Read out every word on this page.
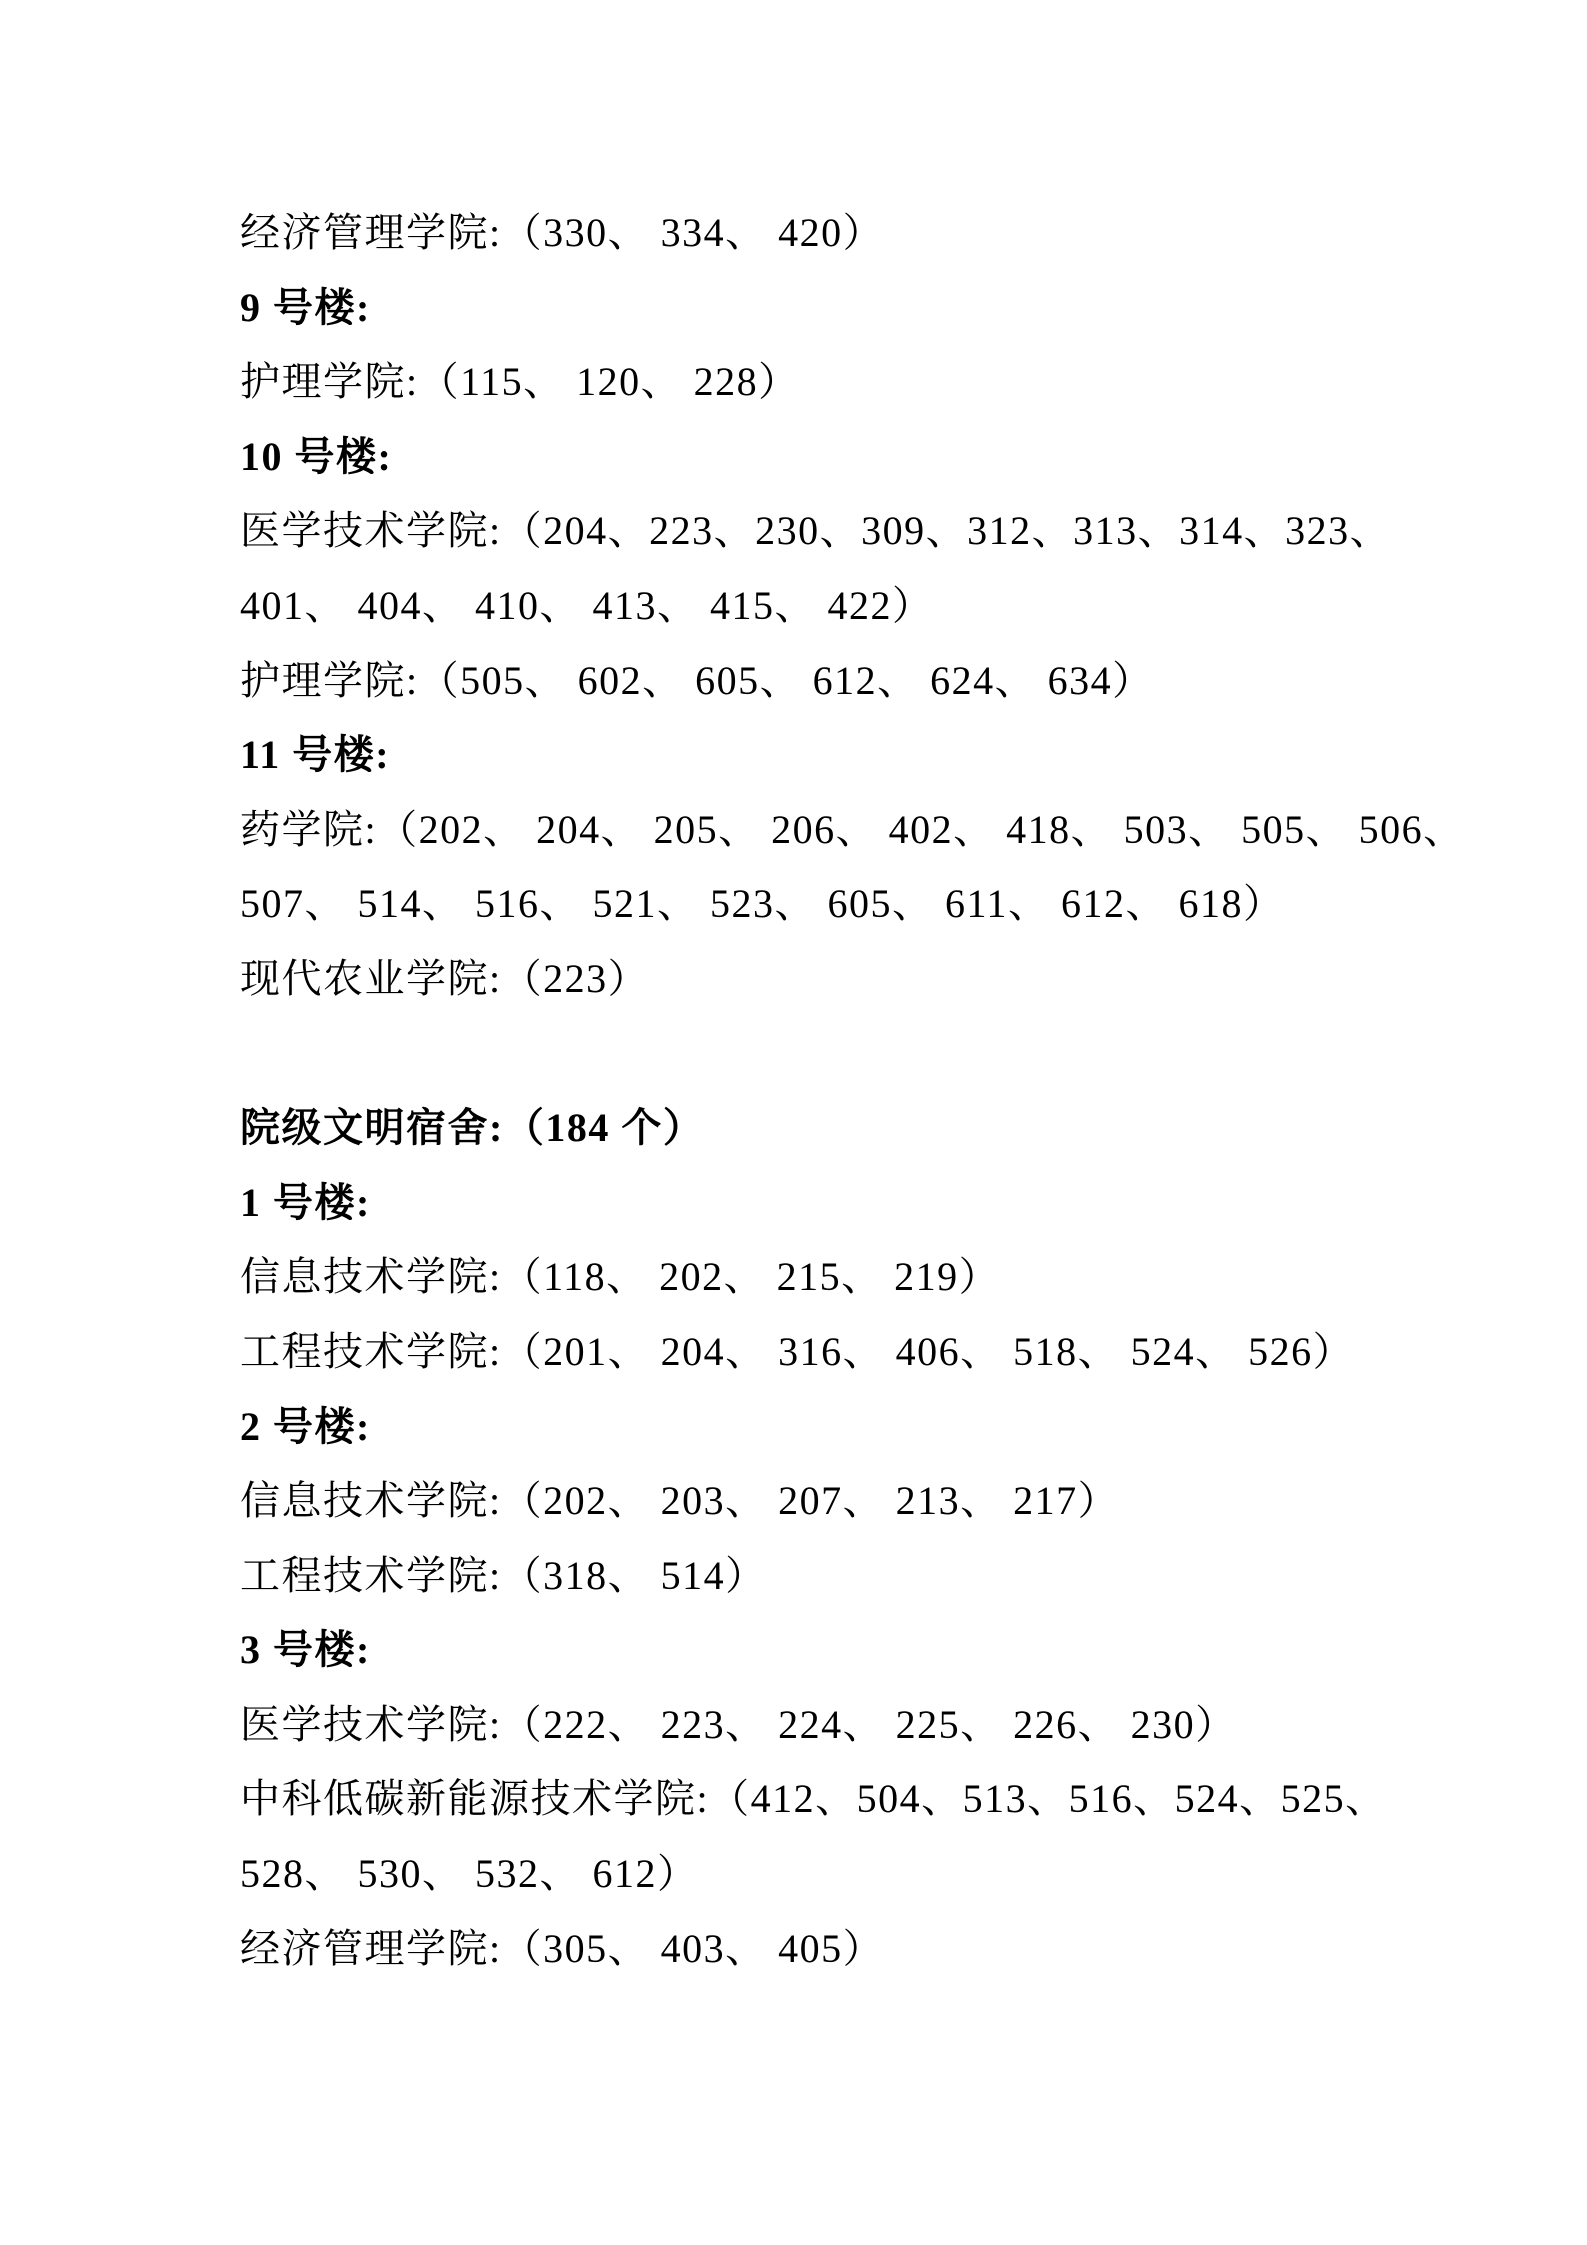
经济管理学院:（330、 334、 420）
9 号楼:
护理学院:（115、 120、 228）
10 号楼:
医学技术学院:（204、223、230、309、312、313、314、323、
401、 404、 410、 413、 415、 422）
护理学院:（505、 602、 605、 612、 624、 634）
11 号楼:
药学院:（202、 204、 205、 206、 402、 418、 503、 505、 506、
507、 514、 516、 521、 523、 605、 611、 612、 618）
现代农业学院:（223）
院级文明宿舍:（184 个）
1 号楼:
信息技术学院:（118、 202、 215、 219）
工程技术学院:（201、 204、 316、 406、 518、 524、 526）
2 号楼:
信息技术学院:（202、 203、 207、 213、 217）
工程技术学院:（318、 514）
3 号楼:
医学技术学院:（222、 223、 224、 225、 226、 230）
中科低碳新能源技术学院:（412、504、513、516、524、525、
528、 530、 532、 612）
经济管理学院:（305、 403、 405）
